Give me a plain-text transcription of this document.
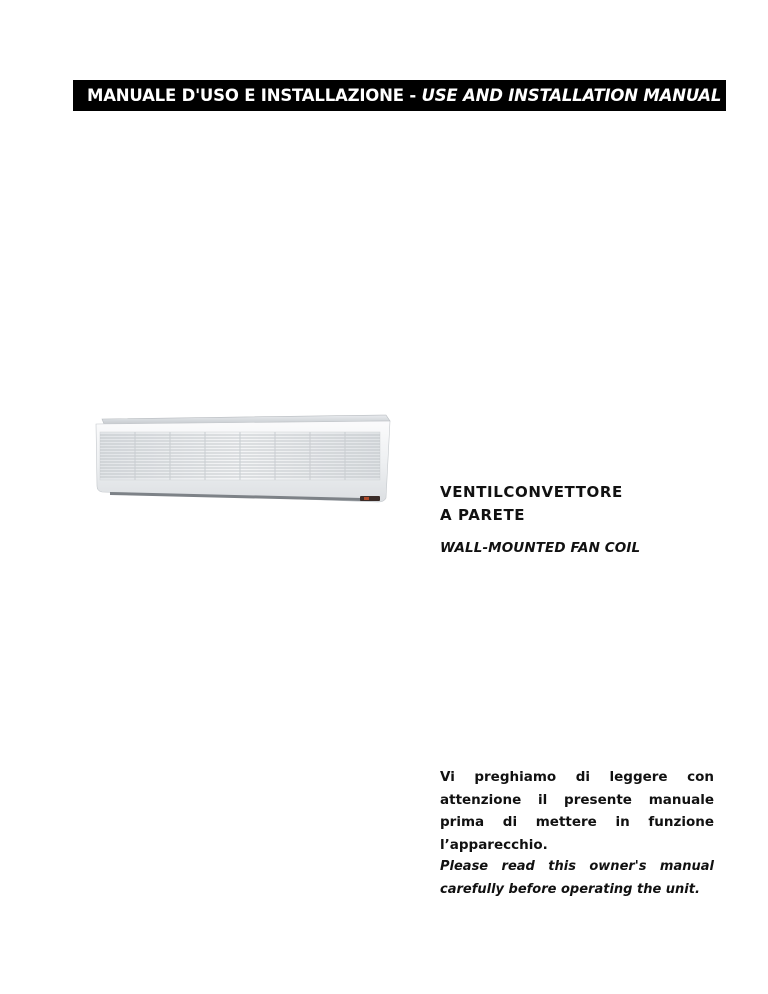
MANUALE D'USO E INSTALLAZIONE - USE AND INSTALLATION MANUAL
VENTILCONVETTORE
A PARETE
WALL-MOUNTED FAN COIL

Vi preghiamo di leggere con attenzione il presente manuale prima di mettere in funzione l’apparecchio.

Please read this owner's manual carefully before operating the unit.
